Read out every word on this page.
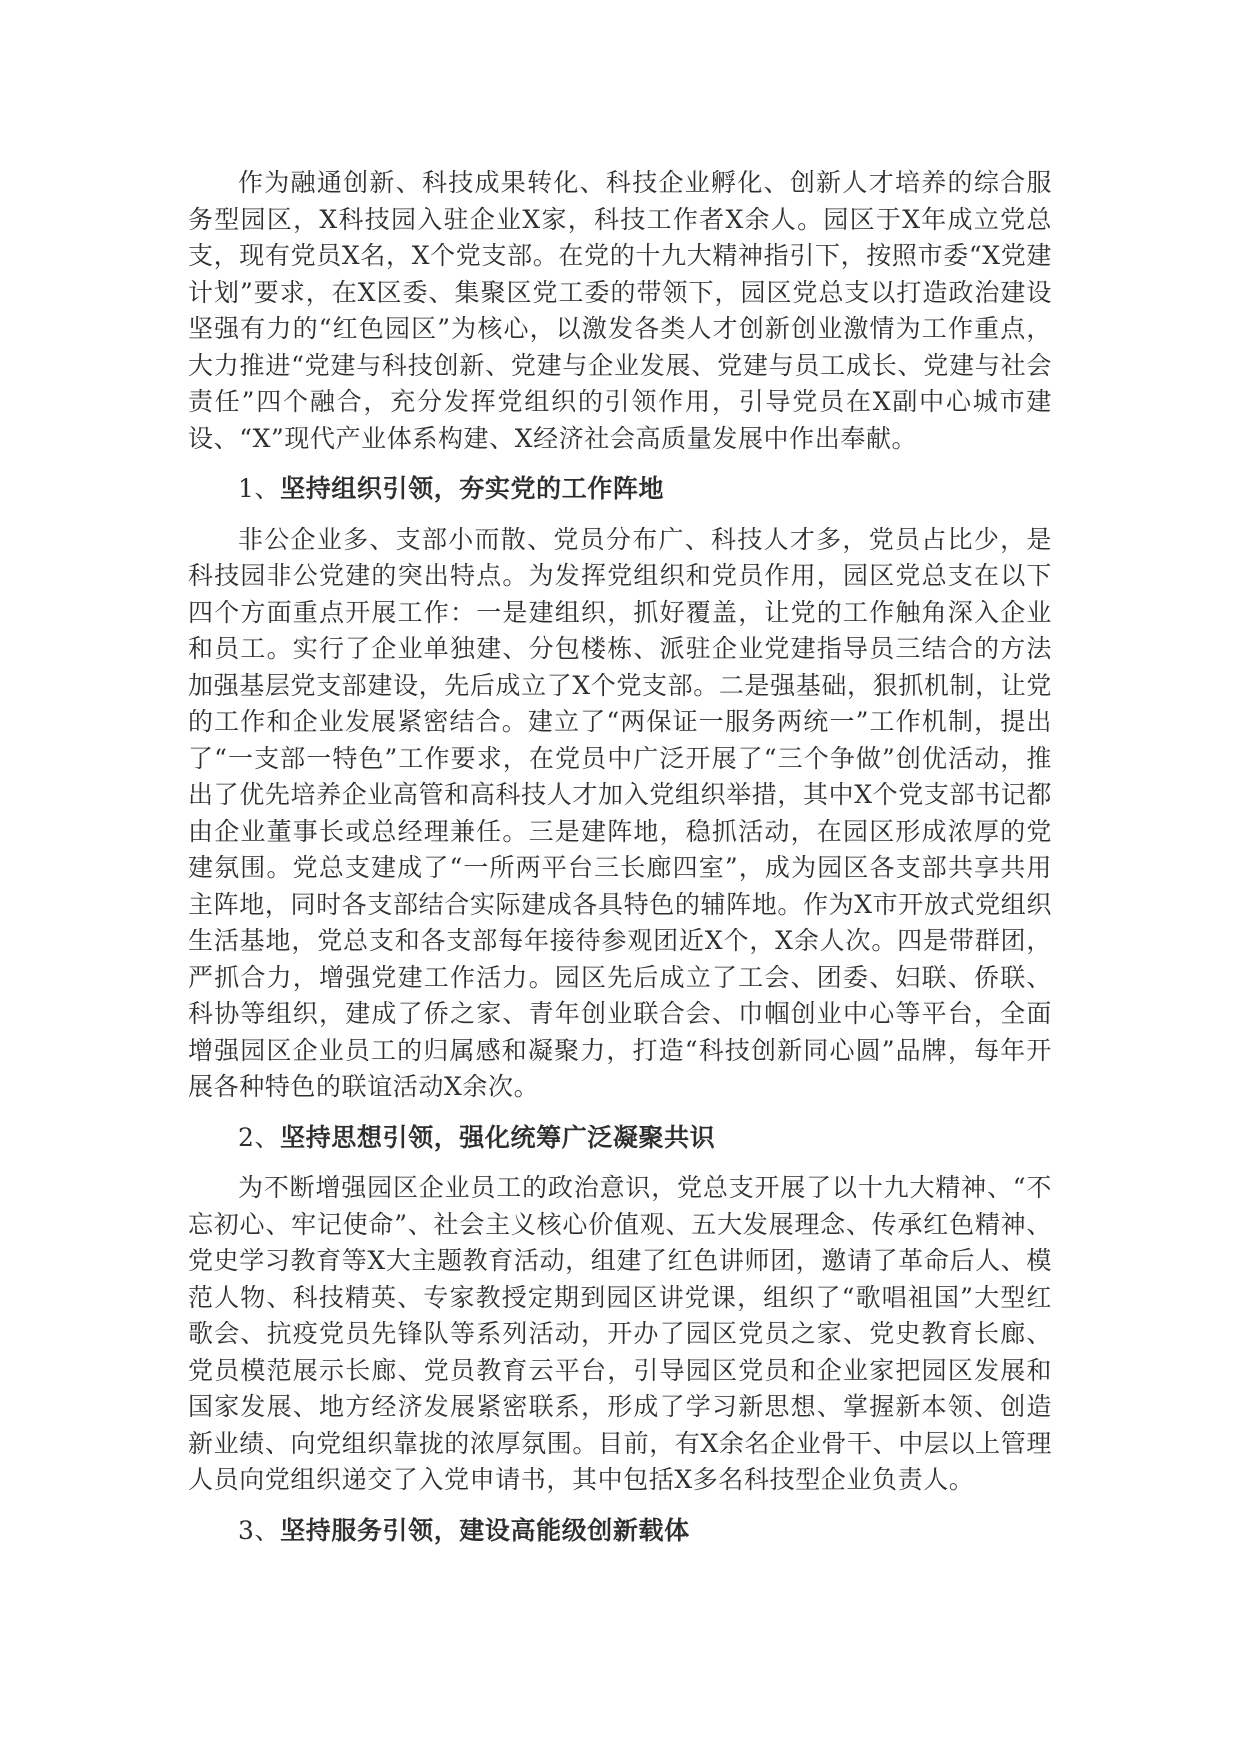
作为融通创新、科技成果转化、科技企业孵化、创新人才培养的综合服务型园区，X科技园入驻企业X家，科技工作者X余人。园区于X年成立党总支，现有党员X名，X个党支部。在党的十九大精神指引下，按照市委“X党建计划”要求，在X区委、集聚区党工委的带领下，园区党总支以打造政治建设坚强有力的“红色园区”为核心，以激发各类人才创新创业激情为工作重点，大力推进“党建与科技创新、党建与企业发展、党建与员工成长、党建与社会责任”四个融合，充分发挥党组织的引领作用，引导党员在X副中心城市建设、“X”现代产业体系构建、X经济社会高质量发展中作出奉献。

1、坚持组织引领，夯实党的工作阵地

非公企业多、支部小而散、党员分布广、科技人才多，党员占比少，是科技园非公党建的突出特点。为发挥党组织和党员作用，园区党总支在以下四个方面重点开展工作：一是建组织，抓好覆盖，让党的工作触角深入企业和员工。实行了企业单独建、分包楼栋、派驻企业党建指导员三结合的方法加强基层党支部建设，先后成立了X个党支部。二是强基础，狠抓机制，让党的工作和企业发展紧密结合。建立了“两保证一服务两统一”工作机制，提出了“一支部一特色”工作要求，在党员中广泛开展了“三个争做”创优活动，推出了优先培养企业高管和高科技人才加入党组织举措，其中X个党支部书记都由企业董事长或总经理兼任。三是建阵地，稳抓活动，在园区形成浓厚的党建氛围。党总支建成了“一所两平台三长廊四室”，成为园区各支部共享共用主阵地，同时各支部结合实际建成各具特色的辅阵地。作为X市开放式党组织生活基地，党总支和各支部每年接待参观团近X个，X余人次。四是带群团，严抓合力，增强党建工作活力。园区先后成立了工会、团委、妇联、侨联、科协等组织，建成了侨之家、青年创业联合会、巾帼创业中心等平台，全面增强园区企业员工的归属感和凝聚力，打造“科技创新同心圆”品牌，每年开展各种特色的联谊活动X余次。

2、坚持思想引领，强化统筹广泛凝聚共识

为不断增强园区企业员工的政治意识，党总支开展了以十九大精神、“不忘初心、牢记使命”、社会主义核心价值观、五大发展理念、传承红色精神、党史学习教育等X大主题教育活动，组建了红色讲师团，邀请了革命后人、模范人物、科技精英、专家教授定期到园区讲党课，组织了“歌唱祖国”大型红歌会、抗疫党员先锋队等系列活动，开办了园区党员之家、党史教育长廊、党员模范展示长廊、党员教育云平台，引导园区党员和企业家把园区发展和国家发展、地方经济发展紧密联系，形成了学习新思想、掌握新本领、创造新业绩、向党组织靠拢的浓厚氛围。目前，有X余名企业骨干、中层以上管理人员向党组织递交了入党申请书，其中包括X多名科技型企业负责人。

3、坚持服务引领，建设高能级创新载体
